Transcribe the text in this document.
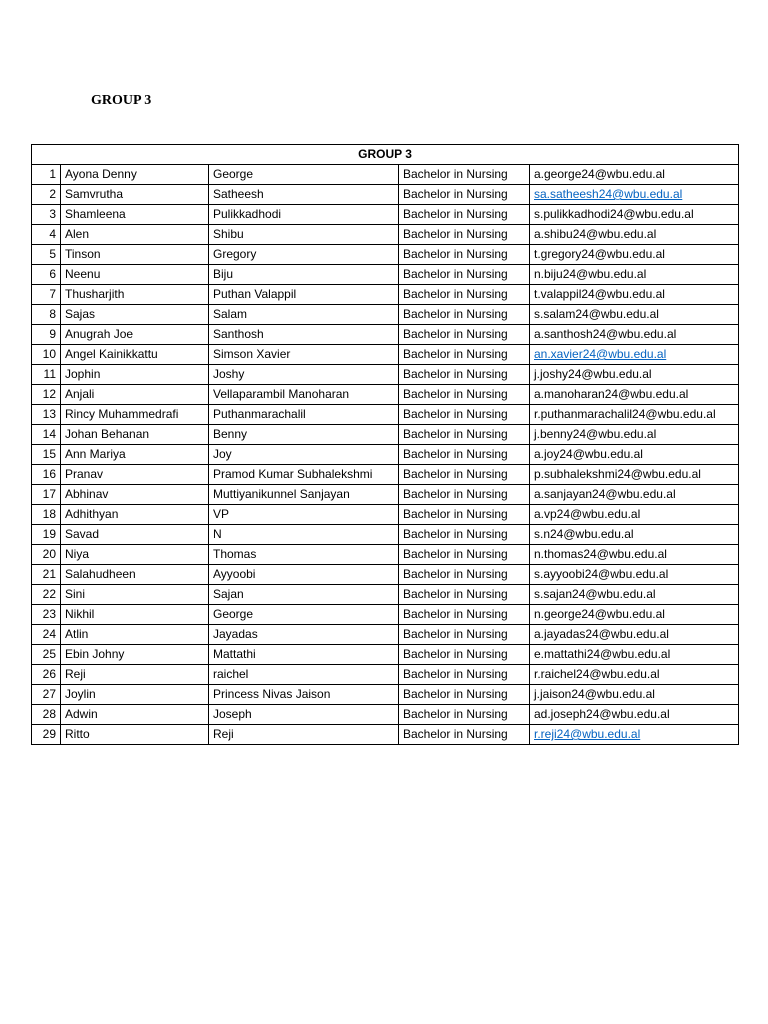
GROUP 3
GROUP 3				
1	Ayona Denny	George	Bachelor in Nursing	a.george24@wbu.edu.al
2	Samvrutha	Satheesh	Bachelor in Nursing	sa.satheesh24@wbu.edu.al
3	Shamleena	Pulikkadhodi	Bachelor in Nursing	s.pulikkadhodi24@wbu.edu.al
4	Alen	Shibu	Bachelor in Nursing	a.shibu24@wbu.edu.al
5	Tinson	Gregory	Bachelor in Nursing	t.gregory24@wbu.edu.al
6	Neenu	Biju	Bachelor in Nursing	n.biju24@wbu.edu.al
7	Thusharjith	Puthan Valappil	Bachelor in Nursing	t.valappil24@wbu.edu.al
8	Sajas	Salam	Bachelor in Nursing	s.salam24@wbu.edu.al
9	Anugrah Joe	Santhosh	Bachelor in Nursing	a.santhosh24@wbu.edu.al
10	Angel Kainikkattu	Simson Xavier	Bachelor in Nursing	an.xavier24@wbu.edu.al
11	Jophin	Joshy	Bachelor in Nursing	j.joshy24@wbu.edu.al
12	Anjali	Vellaparambil Manoharan	Bachelor in Nursing	a.manoharan24@wbu.edu.al
13	Rincy Muhammedrafi	Puthanmarachalil	Bachelor in Nursing	r.puthanmarachalil24@wbu.edu.al
14	Johan Behanan	Benny	Bachelor in Nursing	j.benny24@wbu.edu.al
15	Ann Mariya	Joy	Bachelor in Nursing	a.joy24@wbu.edu.al
16	Pranav	Pramod Kumar Subhalekshmi	Bachelor in Nursing	p.subhalekshmi24@wbu.edu.al
17	Abhinav	Muttiyanikunnel Sanjayan	Bachelor in Nursing	a.sanjayan24@wbu.edu.al
18	Adhithyan	VP	Bachelor in Nursing	a.vp24@wbu.edu.al
19	Savad	N	Bachelor in Nursing	s.n24@wbu.edu.al
20	Niya	Thomas	Bachelor in Nursing	n.thomas24@wbu.edu.al
21	Salahudheen	Ayyoobi	Bachelor in Nursing	s.ayyoobi24@wbu.edu.al
22	Sini	Sajan	Bachelor in Nursing	s.sajan24@wbu.edu.al
23	Nikhil	George	Bachelor in Nursing	n.george24@wbu.edu.al
24	Atlin	Jayadas	Bachelor in Nursing	a.jayadas24@wbu.edu.al
25	Ebin Johny	Mattathi	Bachelor in Nursing	e.mattathi24@wbu.edu.al
26	Reji	raichel	Bachelor in Nursing	r.raichel24@wbu.edu.al
27	Joylin	Princess Nivas Jaison	Bachelor in Nursing	j.jaison24@wbu.edu.al
28	Adwin	Joseph	Bachelor in Nursing	ad.joseph24@wbu.edu.al
29	Ritto	Reji	Bachelor in Nursing	r.reji24@wbu.edu.al
